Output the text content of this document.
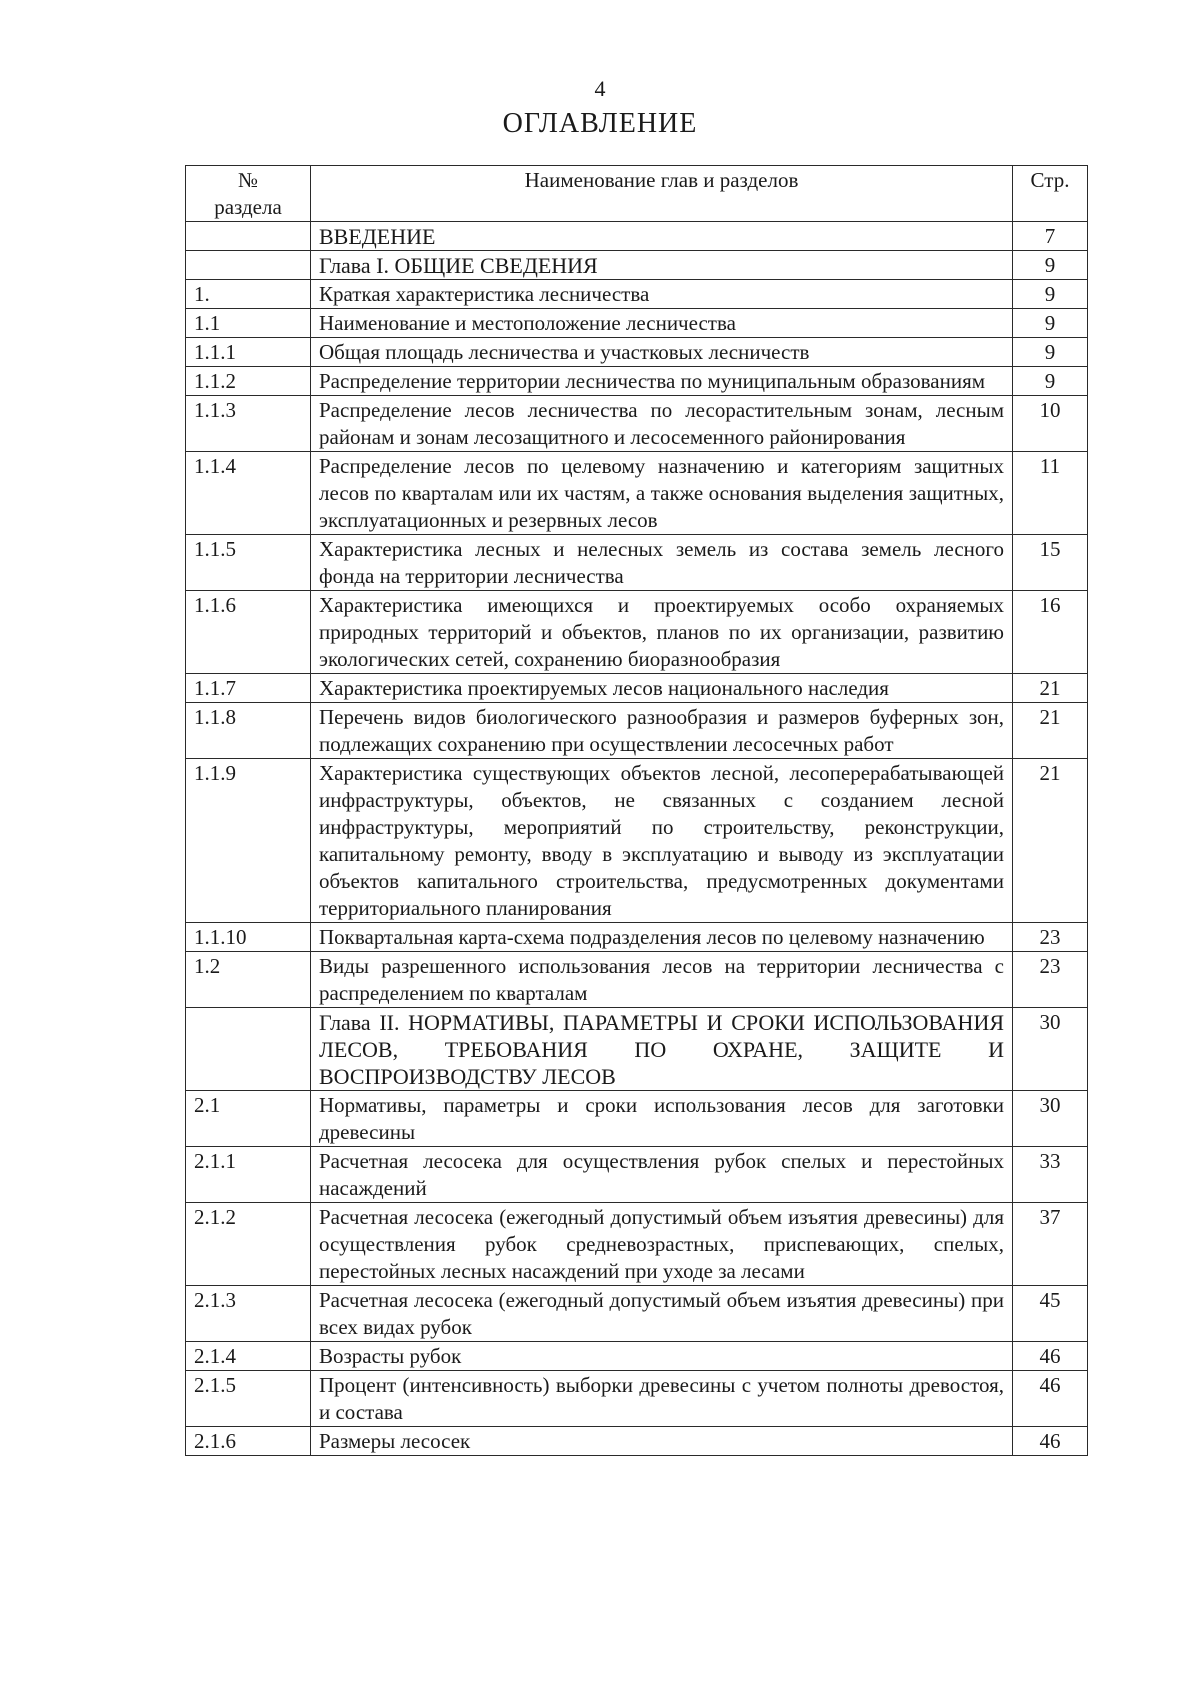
4
ОГЛАВЛЕНИЕ
№
раздела	Наименование глав и разделов	Стр.
	ВВЕДЕНИЕ	7
	Глава I. ОБЩИЕ СВЕДЕНИЯ	9
1.	Краткая характеристика лесничества	9
1.1	Наименование и местоположение лесничества	9
1.1.1	Общая площадь лесничества и участковых лесничеств	9
1.1.2	Распределение территории лесничества по муниципальным образованиям	9
1.1.3	Распределение лесов лесничества по лесорастительным зонам, лесным районам и зонам лесозащитного и лесосеменного районирования	10
1.1.4	Распределение лесов по целевому назначению и категориям защитных лесов по кварталам или их частям, а также основания выделения защитных, эксплуатационных и резервных лесов	11
1.1.5	Характеристика лесных и нелесных земель из состава земель лесного фонда на территории лесничества	15
1.1.6	Характеристика имеющихся и проектируемых особо охраняемых природных территорий и объектов, планов по их организации, развитию экологических сетей, сохранению биоразнообразия	16
1.1.7	Характеристика проектируемых лесов национального наследия	21
1.1.8	Перечень видов биологического разнообразия и размеров буферных зон, подлежащих сохранению при осуществлении лесосечных работ	21
1.1.9	Характеристика существующих объектов лесной, лесоперерабатывающей инфраструктуры, объектов, не связанных с созданием лесной инфраструктуры, мероприятий по строительству, реконструкции, капитальному ремонту, вводу в эксплуатацию и выводу из эксплуатации объектов капитального строительства, предусмотренных документами территориального планирования	21
1.1.10	Поквартальная карта-схема подразделения лесов по целевому назначению	23
1.2	Виды разрешенного использования лесов на территории лесничества с распределением по кварталам	23
	Глава II. НОРМАТИВЫ, ПАРАМЕТРЫ И СРОКИ ИСПОЛЬЗОВАНИЯ ЛЕСОВ, ТРЕБОВАНИЯ ПО ОХРАНЕ, ЗАЩИТЕ И ВОСПРОИЗВОДСТВУ ЛЕСОВ	30
2.1	Нормативы, параметры и сроки использования лесов для заготовки древесины	30
2.1.1	Расчетная лесосека для осуществления рубок спелых и перестойных насаждений	33
2.1.2	Расчетная лесосека (ежегодный допустимый объем изъятия древесины) для осуществления рубок средневозрастных, приспевающих, спелых, перестойных лесных насаждений при уходе за лесами	37
2.1.3	Расчетная лесосека (ежегодный допустимый объем изъятия древесины) при всех видах рубок	45
2.1.4	Возрасты рубок	46
2.1.5	Процент (интенсивность) выборки древесины с учетом полноты древостоя, и состава	46
2.1.6	Размеры лесосек	46
